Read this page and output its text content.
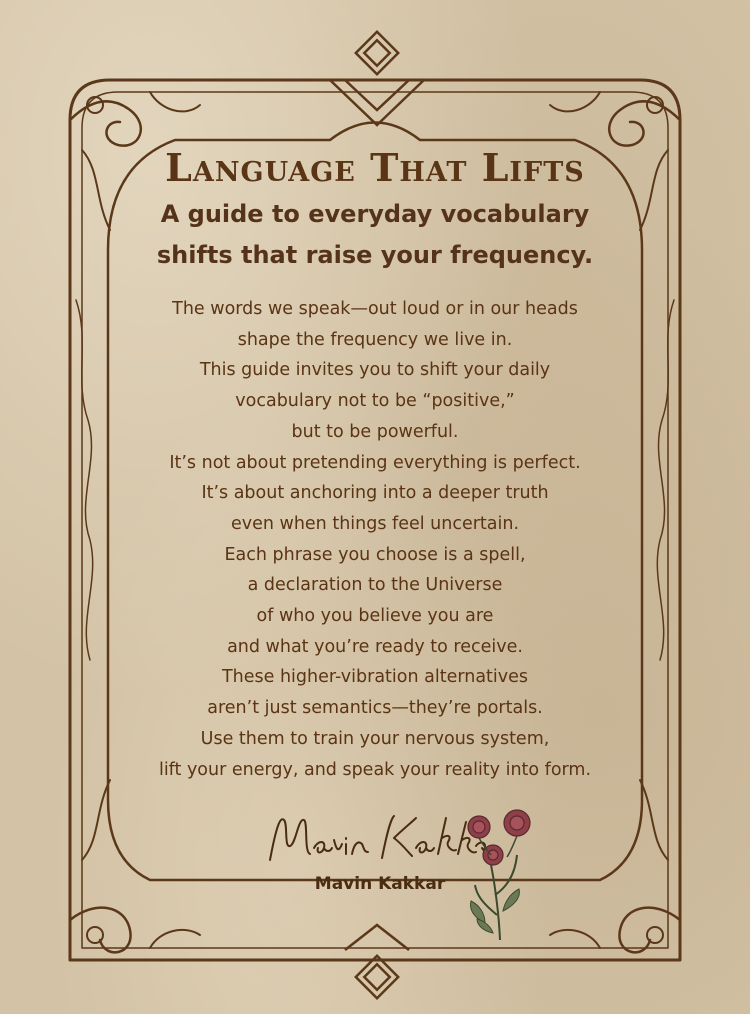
Language That Lifts
A guide to everyday vocabulary
shifts that raise your frequency.
The words we speak—out loud or in our heads
shape the frequency we live in.
This guide invites you to shift your daily
vocabulary not to be “positive,”
but to be powerful.
It’s not about pretending everything is perfect.
It’s about anchoring into a deeper truth
even when things feel uncertain.
Each phrase you choose is a spell,
a declaration to the Universe
of who you believe you are
and what you’re ready to receive.
These higher-vibration alternatives
aren’t just semantics—they’re portals.
Use them to train your nervous system,
lift your energy, and speak your reality into form.
Mavin Kakkar
